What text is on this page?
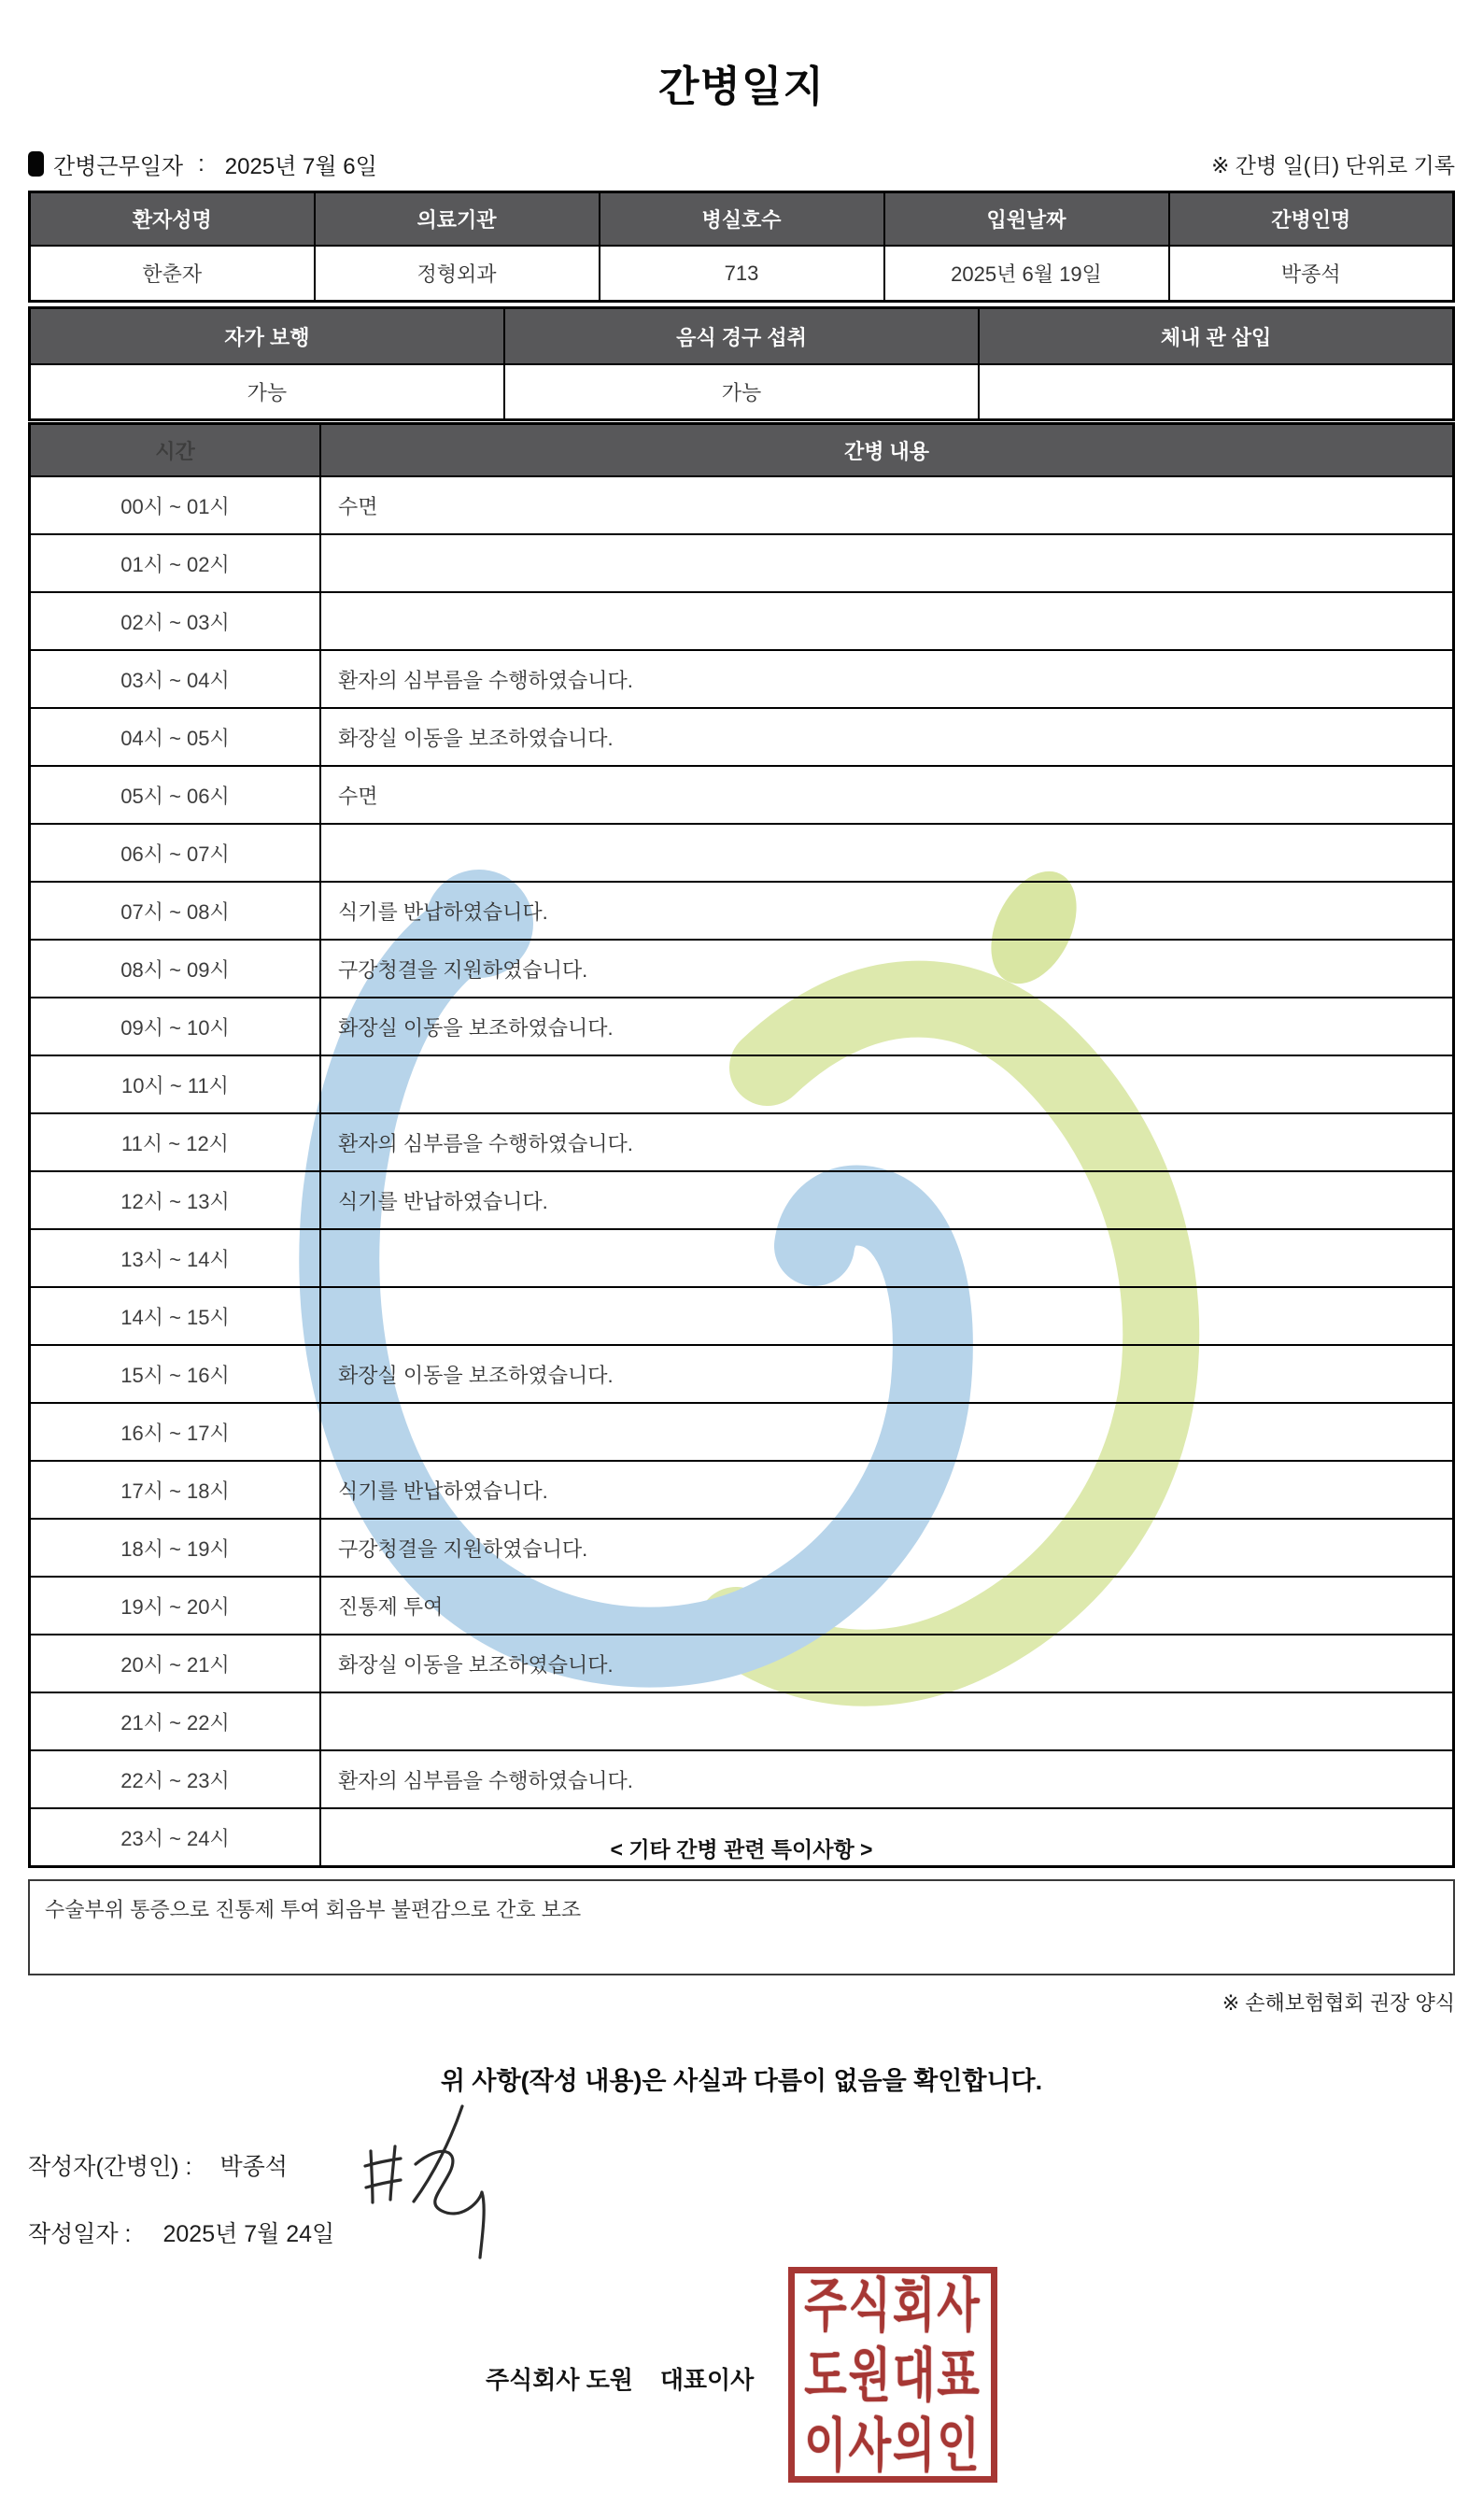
간병일지
간병근무일자 : 2025년 7월 6일	※ 간병 일(日) 단위로 기록
환자성명	의료기관	병실호수	입원날짜	간병인명
한춘자	정형외과	713	2025년 6월 19일	박종석
자가 보행	음식 경구 섭취	체내 관 삽입
가능	가능	
시간	간병 내용
00시 ~ 01시	수면
01시 ~ 02시	
02시 ~ 03시	
03시 ~ 04시	환자의 심부름을 수행하였습니다.
04시 ~ 05시	화장실 이동을 보조하였습니다.
05시 ~ 06시	수면
06시 ~ 07시	
07시 ~ 08시	식기를 반납하였습니다.
08시 ~ 09시	구강청결을 지원하였습니다.
09시 ~ 10시	화장실 이동을 보조하였습니다.
10시 ~ 11시	
11시 ~ 12시	환자의 심부름을 수행하였습니다.
12시 ~ 13시	식기를 반납하였습니다.
13시 ~ 14시	
14시 ~ 15시	
15시 ~ 16시	화장실 이동을 보조하였습니다.
16시 ~ 17시	
17시 ~ 18시	식기를 반납하였습니다.
18시 ~ 19시	구강청결을 지원하였습니다.
19시 ~ 20시	진통제 투여
20시 ~ 21시	화장실 이동을 보조하였습니다.
21시 ~ 22시	
22시 ~ 23시	환자의 심부름을 수행하였습니다.
23시 ~ 24시		< 기타 간병 관련 특이사항 >
수술부위 통증으로 진통제 투여 회음부 불편감으로 간호 보조
※ 손해보험협회 권장 양식
위 사항(작성 내용)은 사실과 다름이 없음을 확인합니다.
작성자(간병인) : 박종석
작성일자 : 2025년 7월 24일
주식회사 도원    대표이사
주식회사
도원대표
이사의인
